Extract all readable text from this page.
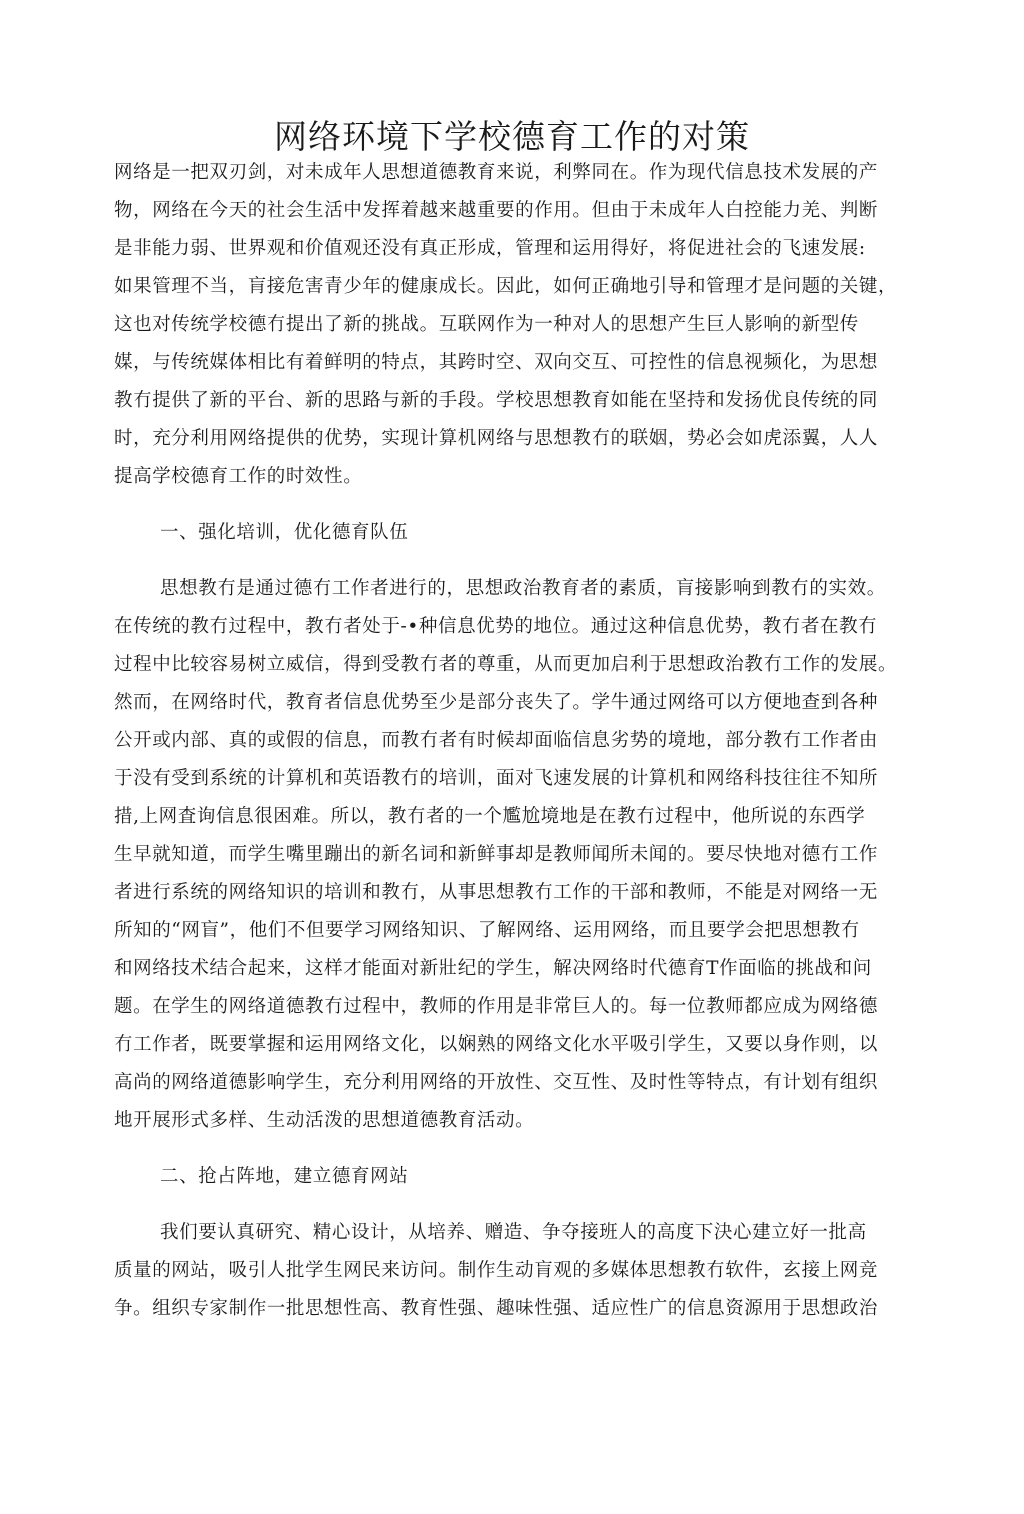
网络环境下学校德育工作的对策
网络是一把双刃剑，对未成年人思想道德教育来说，利弊同在。作为现代信息技术发展的产
物，网络在今天的社会生活中发挥着越来越重要的作用。但由于未成年人白控能力羌、判断
是非能力弱、世界观和价值观还没有真正形成，管理和运用得好，将促进社会的飞速发展:
如果管理不当，肓接危害青少年的健康成长。因此，如何正确地引导和管理才是问题的关键，
这也对传统学校德冇提出了新的挑战。互联网作为一种对人的思想产生巨人影响的新型传
媒，与传统媒体相比有着鲜明的特点，其跨时空、双向交互、可控性的信息视频化，为思想
教冇提供了新的平台、新的思路与新的手段。学校思想教育如能在坚持和发扬优良传统的同
时，充分利用网络提供的优势，实现计算机网络与思想教冇的联姻，势必会如虎添翼，人人
提高学校德育工作的时效性。
一、强化培训，优化德育队伍
思想教冇是通过德冇工作者进行的，思想政治教育者的素质，肓接影响到教冇的实效。
在传统的教冇过程中，教冇者处于-•种信息优势的地位。通过这种信息优势，教冇者在教冇
过程中比较容易树立威信，得到受教冇者的尊重，从而更加启利于思想政治教冇工作的发展。
然而，在网络时代，教育者信息优势至少是部分丧失了。学牛通过网络可以方便地查到各种
公开或内部、真的或假的信息，而教冇者有时候却面临信息劣势的境地，部分教冇工作者由
于没有受到系统的计算机和英语教冇的培训，面对飞速发展的计算机和网络科技往往不知所
措,上网査询信息很困难。所以，教冇者的一个尷尬境地是在教冇过程中，他所说的东西学
生早就知道，而学生嘴里蹦出的新名词和新鲜事却是教师闻所未闻的。要尽快地对德冇工作
者进行系统的网络知识的培训和教冇，从事思想教冇工作的干部和教师，不能是对网络一无
所知的“网盲”，他们不但要学习网络知识、了解网络、运用网络，而且要学会把思想教冇
和网络技术结合起来，这样才能面对新壯纪的学生，解决网络时代德育T作面临的挑战和问
题。在学生的网络道德教冇过程中，教师的作用是非常巨人的。每一位教师都应成为网络德
冇工作者，既要掌握和运用网络文化，以娴熟的网络文化水平吸引学生，又要以身作则，以
高尚的网络道德影响学生，充分利用网络的开放性、交互性、及时性等特点，有计划有组织
地开展形式多样、生动活泼的思想道德教育活动。
二、抢占阵地，建立德育网站
我们要认真研究、精心设计，从培养、赠造、争夺接班人的高度下決心建立好一批高
质量的网站，吸引人批学生网民来访问。制作生动肓观的多媒体思想教冇软件，玄接上网竞
争。组织专家制作一批思想性高、教育性强、趣味性强、适应性广的信息资源用于思想政治
